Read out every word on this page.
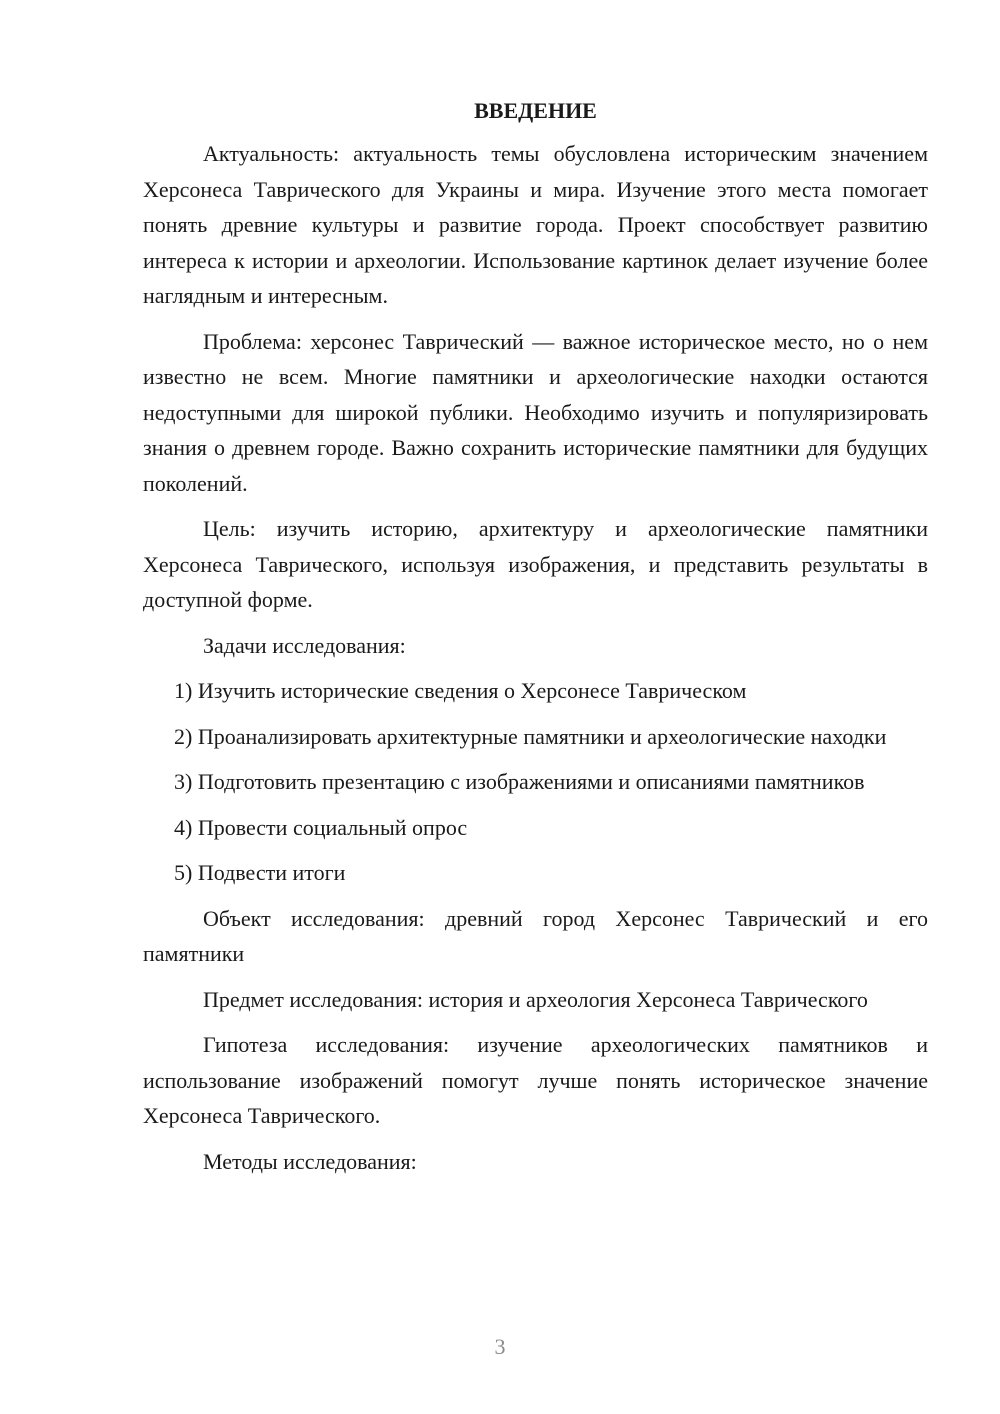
ВВЕДЕНИЕ

Актуальность: актуальность темы обусловлена историческим значением Херсонеса Таврического для Украины и мира. Изучение этого места помогает понять древние культуры и развитие города. Проект способствует развитию интереса к истории и археологии. Использование картинок делает изучение более наглядным и интересным.

Проблема: херсонес Таврический — важное историческое место, но о нем известно не всем. Многие памятники и археологические находки остаются недоступными для широкой публики. Необходимо изучить и популяризировать знания о древнем городе. Важно сохранить исторические памятники для будущих поколений.

Цель: изучить историю, архитектуру и археологические памятники Херсонеса Таврического, используя изображения, и представить результаты в доступной форме.

Задачи исследования:

1) Изучить исторические сведения о Херсонесе Таврическом

2) Проанализировать архитектурные памятники и археологические находки

3) Подготовить презентацию с изображениями и описаниями памятников

4) Провести социальный опрос

5) Подвести итоги

Объект исследования: древний город Херсонес Таврический и его памятники

Предмет исследования: история и археология Херсонеса Таврического

Гипотеза исследования: изучение археологических памятников и использование изображений помогут лучше понять историческое значение Херсонеса Таврического.

Методы исследования:

3
